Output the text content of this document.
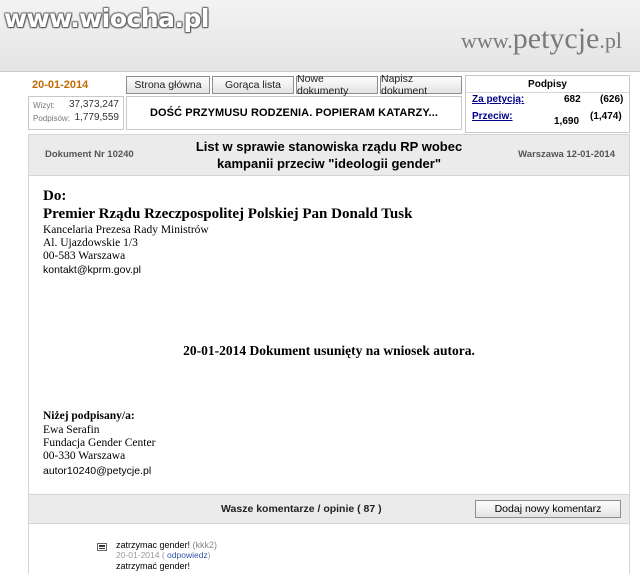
www.wiocha.pl
www.petycje.pl
20-01-2014	Strona główna	Gorąca lista	Nowe dokumenty
Napisz dokument
Wizyt: 37,373,247
Podpisów: 1,779,559	DOŚĆ PRZYMUSU RODZENIA. POPIERAM KATARZY...
Podpisy
Za petycją:	682 (626)
Przeciw:	1,690 (1,474)
Dokument Nr 10240
List w sprawie stanowiska rządu RP wobec
kampanii przeciw "ideologii gender"
Warszawa 12-01-2014
Do:
Premier Rządu Rzeczpospolitej Polskiej Pan Donald Tusk
Kancelaria Prezesa Rady Ministrów
Al. Ujazdowskie 1/3
00-583 Warszawa
kontakt@kprm.gov.pl
20-01-2014 Dokument usunięty na wniosek autora.
Niżej podpisany/a:
Ewa Serafin
Fundacja Gender Center
00-330 Warszawa
autor10240@petycje.pl
Wasze komentarze / opinie ( 87 )	Dodaj nowy komentarz
zatrzymac gender! (kkk2)
20-01-2014 ( odpowiedz)
zatrzymać gender!
